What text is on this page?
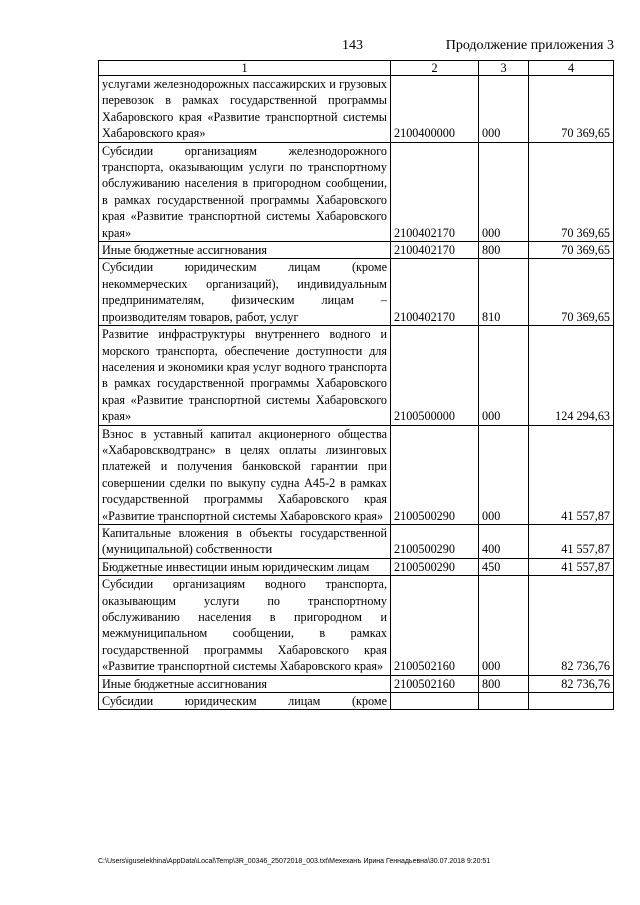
143	Продолжение приложения 3
1	2	3	4
услугами железнодорожных пассажирских и грузовых перевозок в рамках государственной программы Хабаровского края «Развитие транспортной системы Хабаровского края»	2100400000	000	70 369,65
Субсидии организациям железнодорожного транспорта, оказывающим услуги по транспортному обслуживанию населения в пригородном сообщении, в рамках государственной программы Хабаровского края «Развитие транспортной системы Хабаровского края»	2100402170	000	70 369,65
Иные бюджетные ассигнования	2100402170	800	70 369,65
Субсидии юридическим лицам (кроме некоммерческих организаций), индивидуальным предпринимателям, физическим лицам – производителям товаров, работ, услуг	2100402170	810	70 369,65
Развитие инфраструктуры внутреннего водного и морского транспорта, обеспечение доступности для населения и экономики края услуг водного транспорта в рамках государственной программы Хабаровского края «Развитие транспортной системы Хабаровского края»	2100500000	000	124 294,63
Взнос в уставный капитал акционерного общества «Хабаровскводтранс» в целях оплаты лизинговых платежей и получения банковской гарантии при совершении сделки по выкупу судна А45-2 в рамках государственной программы Хабаровского края «Развитие транспортной системы Хабаровского края»	2100500290	000	41 557,87
Капитальные вложения в объекты государственной (муниципальной) собственности	2100500290	400	41 557,87
Бюджетные инвестиции иным юридическим лицам	2100500290	450	41 557,87
Субсидии организациям водного транспорта, оказывающим услуги по транспортному обслуживанию населения в пригородном и межмуниципальном сообщении, в рамках государственной программы Хабаровского края «Развитие транспортной системы Хабаровского края»	2100502160	000	82 736,76
Иные бюджетные ассигнования	2100502160	800	82 736,76
Субсидии юридическим лицам (кроме			
C:\Users\iguselekhina\AppData\Local\Temp\3R_00346_25072018_003.txt\Мехеханъ Ирина Геннадьевна\30.07.2018 9:20:51
